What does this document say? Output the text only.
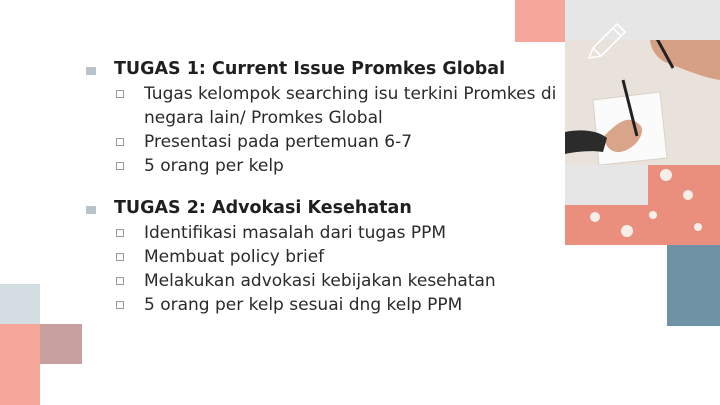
TUGAS 1: Current Issue Promkes Global
Tugas kelompok searching isu terkini Promkes di negara lain/ Promkes Global
Presentasi pada pertemuan 6-7
5 orang per kelp
TUGAS 2: Advokasi Kesehatan
Identifikasi masalah dari tugas PPM
Membuat policy brief
Melakukan advokasi kebijakan kesehatan
5 orang per kelp sesuai dng kelp PPM
